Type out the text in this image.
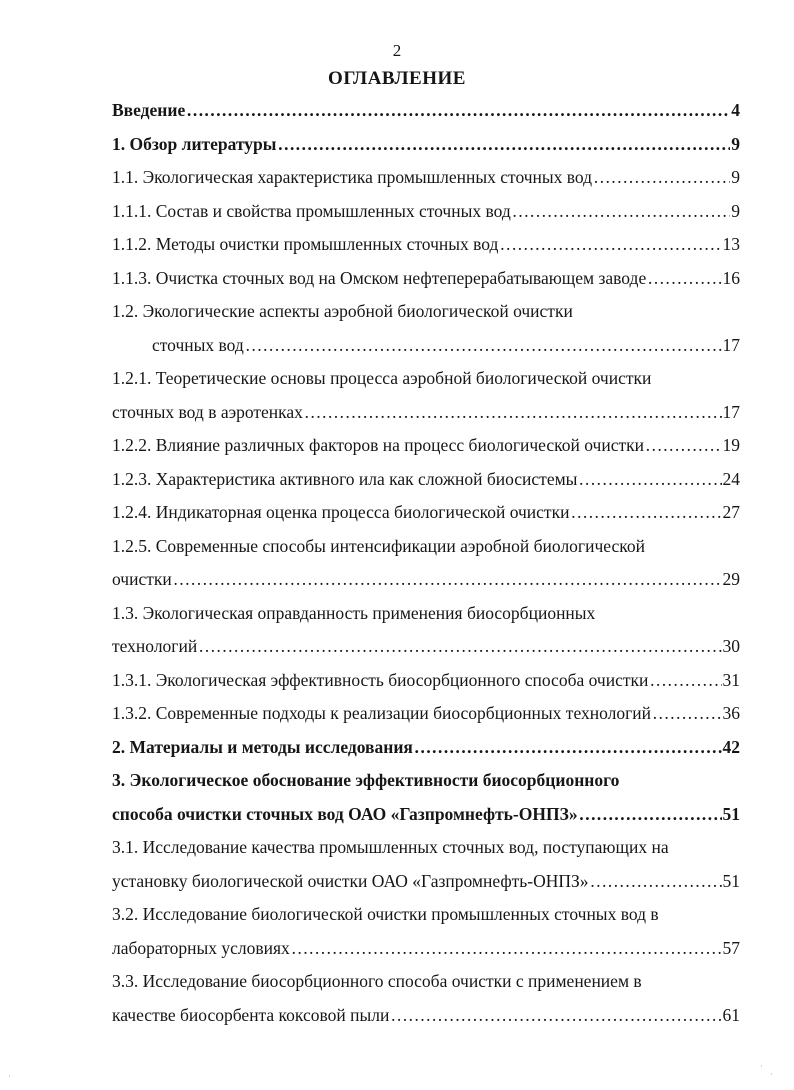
2
ОГЛАВЛЕНИЕ
Введение ……………………………………………………………………………………………………………………………	4
1. Обзор литературы ……………………………………………………………………………………………………………………………	9
1.1. Экологическая характеристика промышленных сточных вод ……………………………………………………………………………………………………………………………	9
1.1.1. Состав и свойства промышленных сточных вод ……………………………………………………………………………………………………………………………	9
1.1.2. Методы очистки промышленных сточных вод ……………………………………………………………………………………………………………………………	13
1.1.3. Очистка сточных вод на Омском нефтеперерабатывающем заводе ……………………………………………………………………………………………………………………………	16
1.2. Экологические аспекты аэробной биологической очистки
сточных вод ……………………………………………………………………………………………………………………………	17
1.2.1. Теоретические основы процесса аэробной биологической очистки
сточных вод в аэротенках ……………………………………………………………………………………………………………………………	17
1.2.2. Влияние различных факторов на процесс биологической очистки ……………………………………………………………………………………………………………………………	19
1.2.3. Характеристика активного ила как сложной биосистемы ……………………………………………………………………………………………………………………………	24
1.2.4. Индикаторная оценка процесса биологической очистки ……………………………………………………………………………………………………………………………	27
1.2.5. Современные способы интенсификации аэробной биологической
очистки ……………………………………………………………………………………………………………………………	29
1.3. Экологическая оправданность применения биосорбционных
технологий ……………………………………………………………………………………………………………………………	30
1.3.1. Экологическая эффективность биосорбционного способа очистки ……………………………………………………………………………………………………………………………	31
1.3.2. Современные подходы к реализации биосорбционных технологий ……………………………………………………………………………………………………………………………	36
2. Материалы и методы исследования ……………………………………………………………………………………………………………………………	42
3. Экологическое обоснование эффективности биосорбционного
способа очистки сточных вод ОАО «Газпромнефть-ОНПЗ» ……………………………………………………………………………………………………………………………	51
3.1. Исследование качества промышленных сточных вод, поступающих на
установку биологической очистки ОАО «Газпромнефть-ОНПЗ» ……………………………………………………………………………………………………………………………	51
3.2. Исследование биологической очистки промышленных сточных вод в
лабораторных условиях ……………………………………………………………………………………………………………………………	57
3.3. Исследование биосорбционного способа очистки с применением в
качестве биосорбента коксовой пыли ……………………………………………………………………………………………………………………………	61
·
·
·
